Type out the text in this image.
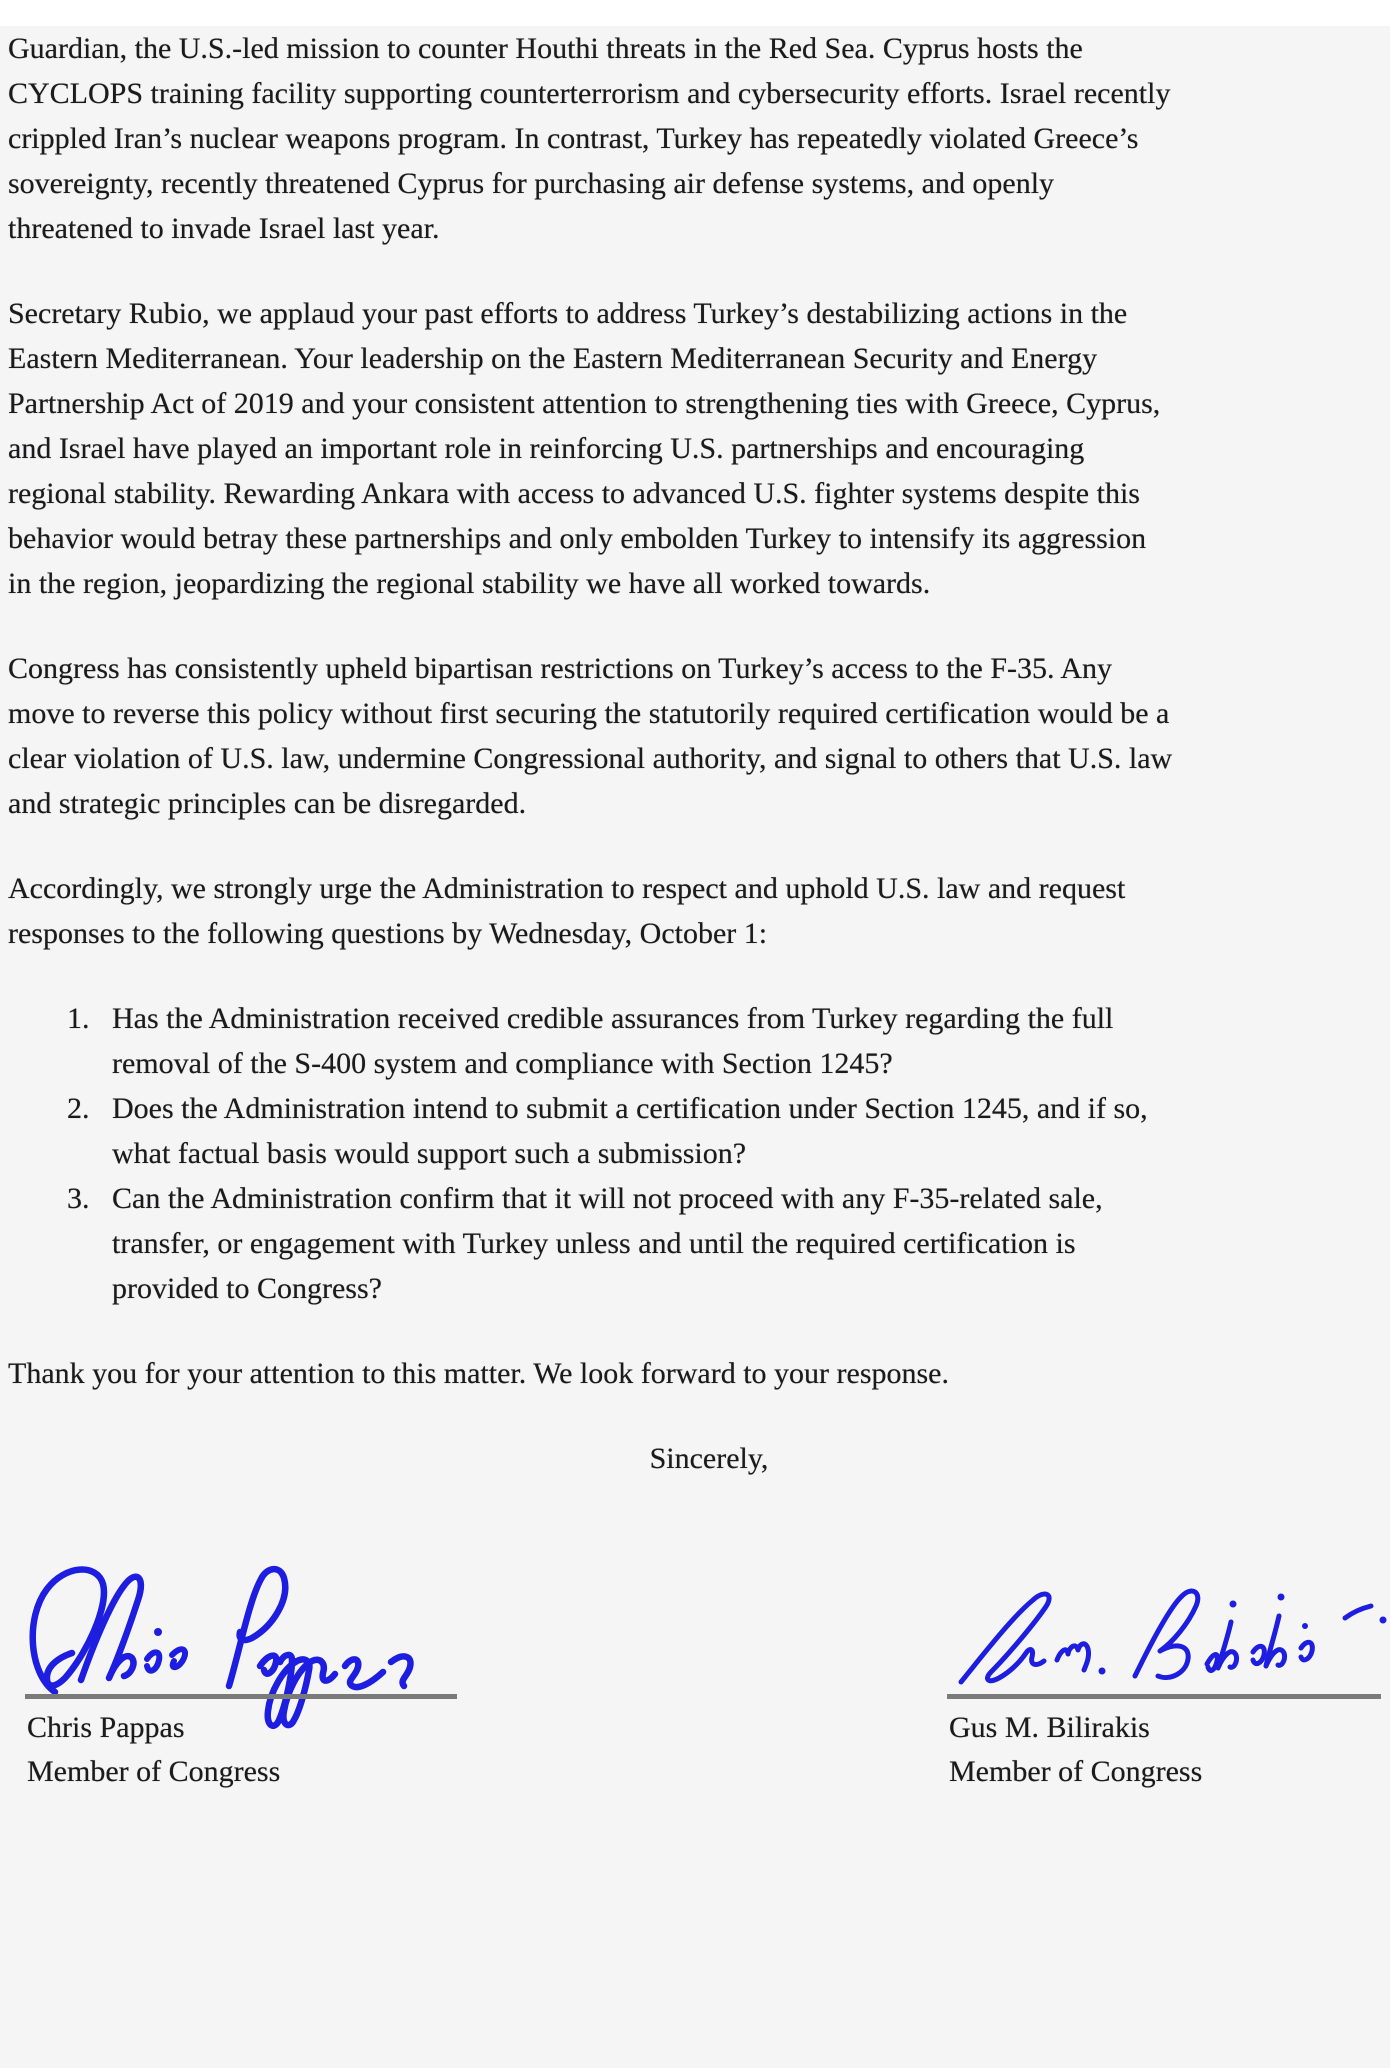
Guardian, the U.S.-led mission to counter Houthi threats in the Red Sea. Cyprus hosts the
CYCLOPS training facility supporting counterterrorism and cybersecurity efforts. Israel recently
crippled Iran’s nuclear weapons program. In contrast, Turkey has repeatedly violated Greece’s
sovereignty, recently threatened Cyprus for purchasing air defense systems, and openly
threatened to invade Israel last year.
Secretary Rubio, we applaud your past efforts to address Turkey’s destabilizing actions in the
Eastern Mediterranean. Your leadership on the Eastern Mediterranean Security and Energy
Partnership Act of 2019 and your consistent attention to strengthening ties with Greece, Cyprus,
and Israel have played an important role in reinforcing U.S. partnerships and encouraging
regional stability. Rewarding Ankara with access to advanced U.S. fighter systems despite this
behavior would betray these partnerships and only embolden Turkey to intensify its aggression
in the region, jeopardizing the regional stability we have all worked towards.
Congress has consistently upheld bipartisan restrictions on Turkey’s access to the F-35. Any
move to reverse this policy without first securing the statutorily required certification would be a
clear violation of U.S. law, undermine Congressional authority, and signal to others that U.S. law
and strategic principles can be disregarded.
Accordingly, we strongly urge the Administration to respect and uphold U.S. law and request
responses to the following questions by Wednesday, October 1:
1. Has the Administration received credible assurances from Turkey regarding the full
removal of the S-400 system and compliance with Section 1245?
2. Does the Administration intend to submit a certification under Section 1245, and if so,
what factual basis would support such a submission?
3. Can the Administration confirm that it will not proceed with any F-35-related sale,
transfer, or engagement with Turkey unless and until the required certification is
provided to Congress?
Thank you for your attention to this matter. We look forward to your response.
Sincerely,
Chris Pappas
Member of Congress
Gus M. Bilirakis
Member of Congress
